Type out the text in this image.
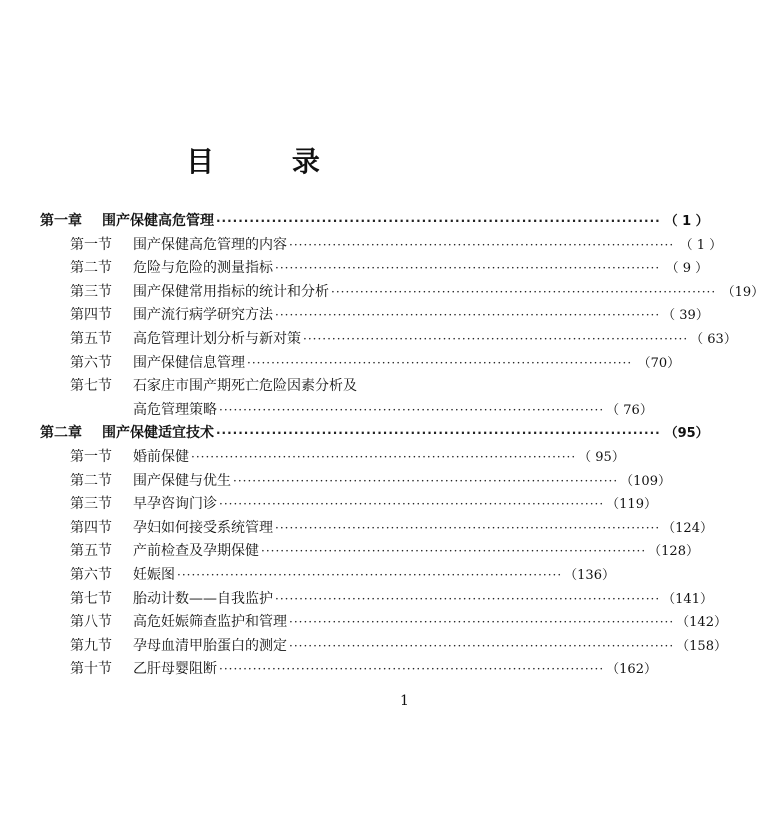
目 录
第一章	围产保健高危管理 ················································································ （ 1 ）
第一节	围产保健高危管理的内容 ················································································ （ 1 ）
第二节	危险与危险的测量指标 ················································································ （ 9 ）
第三节	围产保健常用指标的统计和分析 ················································································ （19）
第四节	围产流行病学研究方法 ················································································ （ 39）
第五节	高危管理计划分析与新对策 ················································································ （ 63）
第六节	围产保健信息管理 ················································································ （70）
第七节	石家庄市围产期死亡危险因素分析及
高危管理策略 ················································································ （ 76）
第二章	围产保健适宜技术 ················································································ （95）
第一节	婚前保健 ················································································ （ 95）
第二节	围产保健与优生 ················································································ （109）
第三节	早孕咨询门诊 ················································································ （119）
第四节	孕妇如何接受系统管理 ················································································ （124）
第五节	产前检查及孕期保健 ················································································ （128）
第六节	妊娠图 ················································································ （136）
第七节	胎动计数——自我监护 ················································································ （141）
第八节	高危妊娠筛查监护和管理 ················································································ （142）
第九节	孕母血清甲胎蛋白的测定 ················································································ （158）
第十节	乙肝母婴阻断 ················································································ （162）
1
